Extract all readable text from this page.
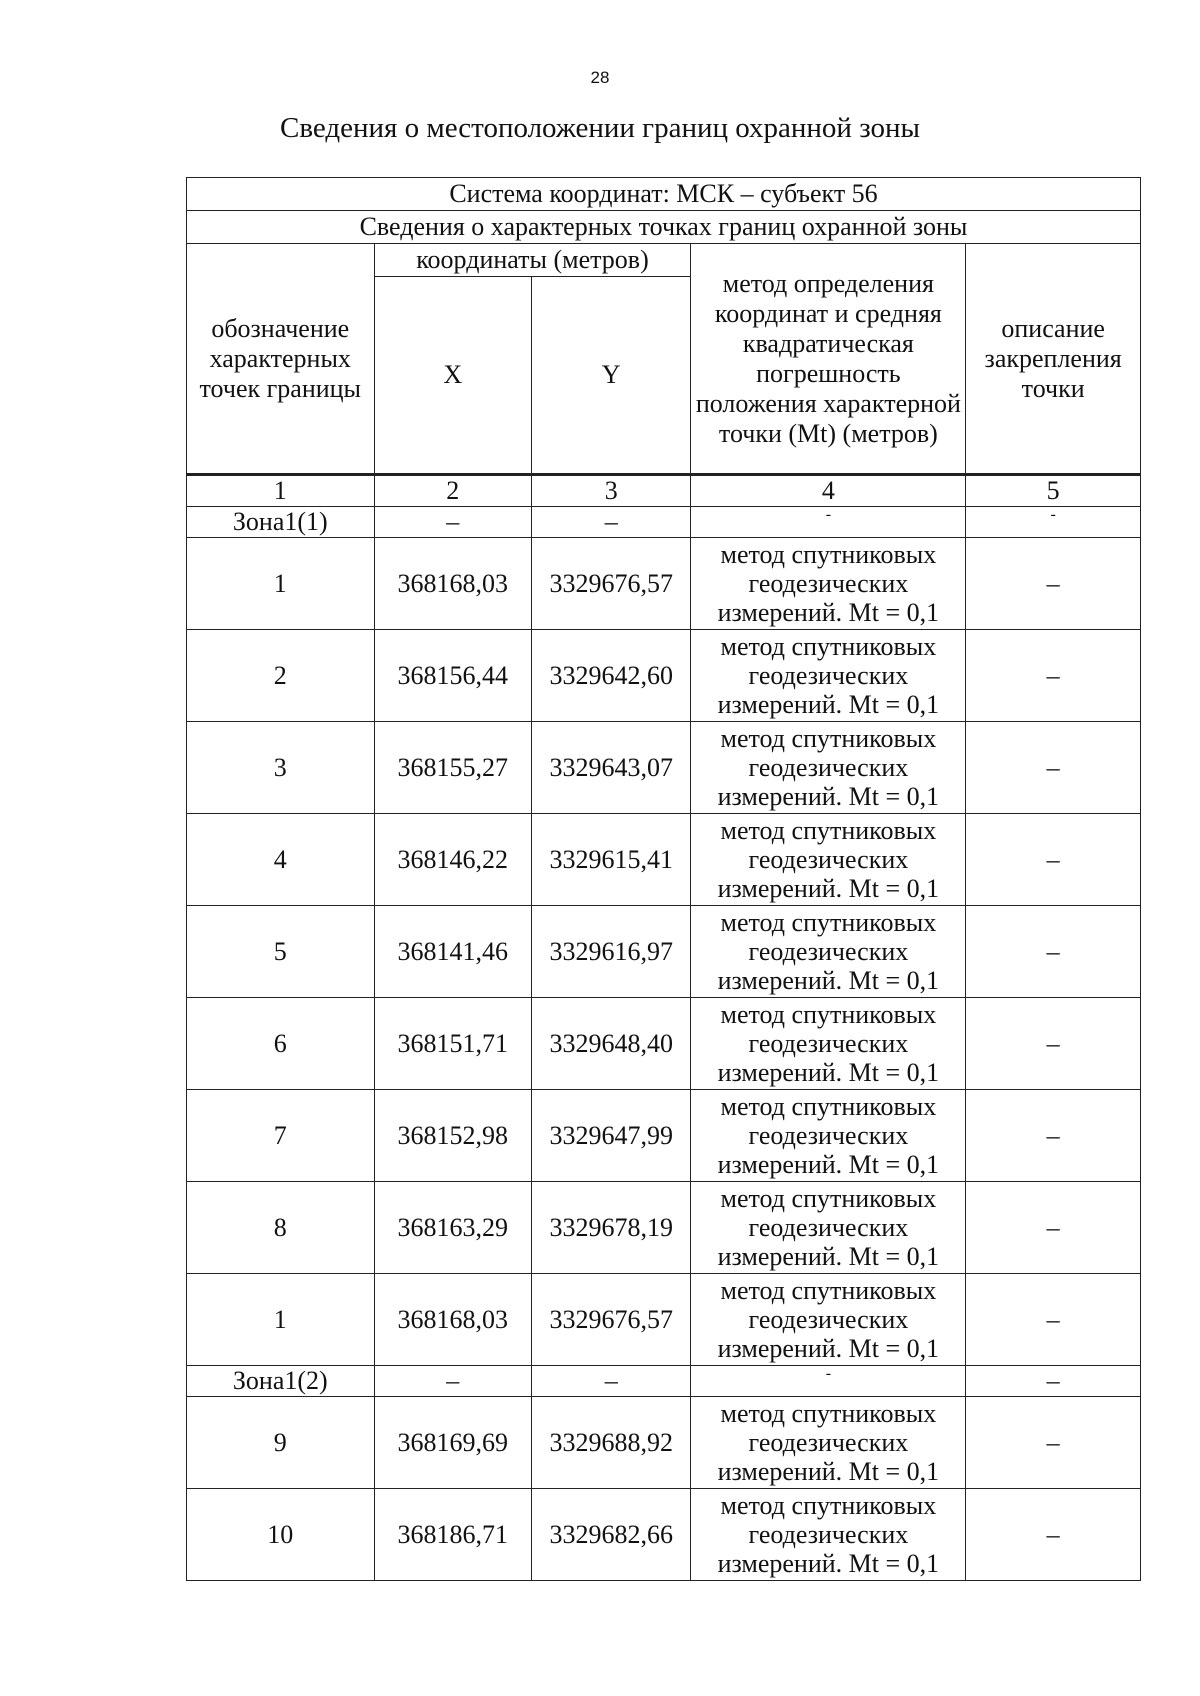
28
Сведения о местоположении границ охранной зоны
Система координат: МСК – субъект 56				
Сведения о характерных точках границ охранной зоны				
обозначение характерных точек границы	координаты (метров)		метод определения координат и средняя квадратическая погрешность положения характерной точки (Mt) (метров)	описание закрепления точки
	X	Y		
1	2	3	4	5
Зона1(1)	–	–	-	-
1	368168,03	3329676,57	метод спутниковых геодезических измерений. Mt = 0,1	–
2	368156,44	3329642,60	метод спутниковых геодезических измерений. Mt = 0,1	–
3	368155,27	3329643,07	метод спутниковых геодезических измерений. Mt = 0,1	–
4	368146,22	3329615,41	метод спутниковых геодезических измерений. Mt = 0,1	–
5	368141,46	3329616,97	метод спутниковых геодезических измерений. Mt = 0,1	–
6	368151,71	3329648,40	метод спутниковых геодезических измерений. Mt = 0,1	–
7	368152,98	3329647,99	метод спутниковых геодезических измерений. Mt = 0,1	–
8	368163,29	3329678,19	метод спутниковых геодезических измерений. Mt = 0,1	–
1	368168,03	3329676,57	метод спутниковых геодезических измерений. Mt = 0,1	–
Зона1(2)	–	–	-	–
9	368169,69	3329688,92	метод спутниковых геодезических измерений. Mt = 0,1	–
10	368186,71	3329682,66	метод спутниковых геодезических измерений. Mt = 0,1	–
